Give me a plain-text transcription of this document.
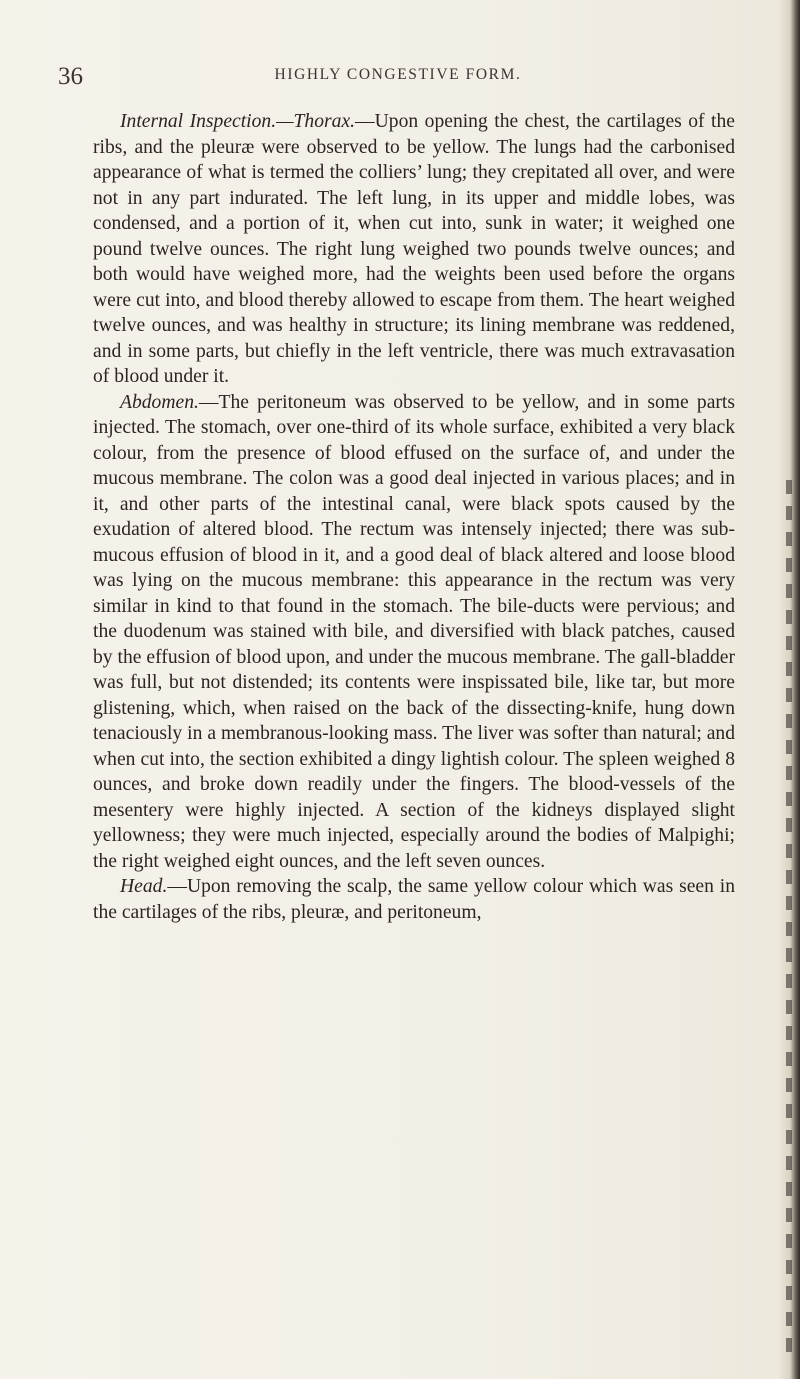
36	HIGHLY CONGESTIVE FORM.

Internal Inspection.—Thorax.—Upon opening the chest, the cartilages of the ribs, and the pleuræ were observed to be yellow. The lungs had the carbonised appearance of what is termed the colliers’ lung; they crepitated all over, and were not in any part indurated. The left lung, in its upper and middle lobes, was condensed, and a portion of it, when cut into, sunk in water; it weighed one pound twelve ounces. The right lung weighed two pounds twelve ounces; and both would have weighed more, had the weights been used before the organs were cut into, and blood thereby allowed to escape from them. The heart weighed twelve ounces, and was healthy in structure; its lining membrane was reddened, and in some parts, but chiefly in the left ventricle, there was much extravasation of blood under it.

Abdomen.—The peritoneum was observed to be yellow, and in some parts injected. The stomach, over one-third of its whole surface, exhibited a very black colour, from the presence of blood effused on the surface of, and under the mucous membrane. The colon was a good deal injected in various places; and in it, and other parts of the intestinal canal, were black spots caused by the exudation of altered blood. The rectum was intensely injected; there was sub-mucous effusion of blood in it, and a good deal of black altered and loose blood was lying on the mucous membrane: this appearance in the rectum was very similar in kind to that found in the stomach. The bile-ducts were pervious; and the duodenum was stained with bile, and diversified with black patches, caused by the effusion of blood upon, and under the mucous membrane. The gall-bladder was full, but not distended; its contents were inspissated bile, like tar, but more glistening, which, when raised on the back of the dissecting-knife, hung down tenaciously in a membranous-looking mass. The liver was softer than natural; and when cut into, the section exhibited a dingy lightish colour. The spleen weighed 8 ounces, and broke down readily under the fingers. The blood-vessels of the mesentery were highly injected. A section of the kidneys displayed slight yellowness; they were much injected, especially around the bodies of Malpighi; the right weighed eight ounces, and the left seven ounces.

Head.—Upon removing the scalp, the same yellow colour which was seen in the cartilages of the ribs, pleuræ, and peritoneum,
